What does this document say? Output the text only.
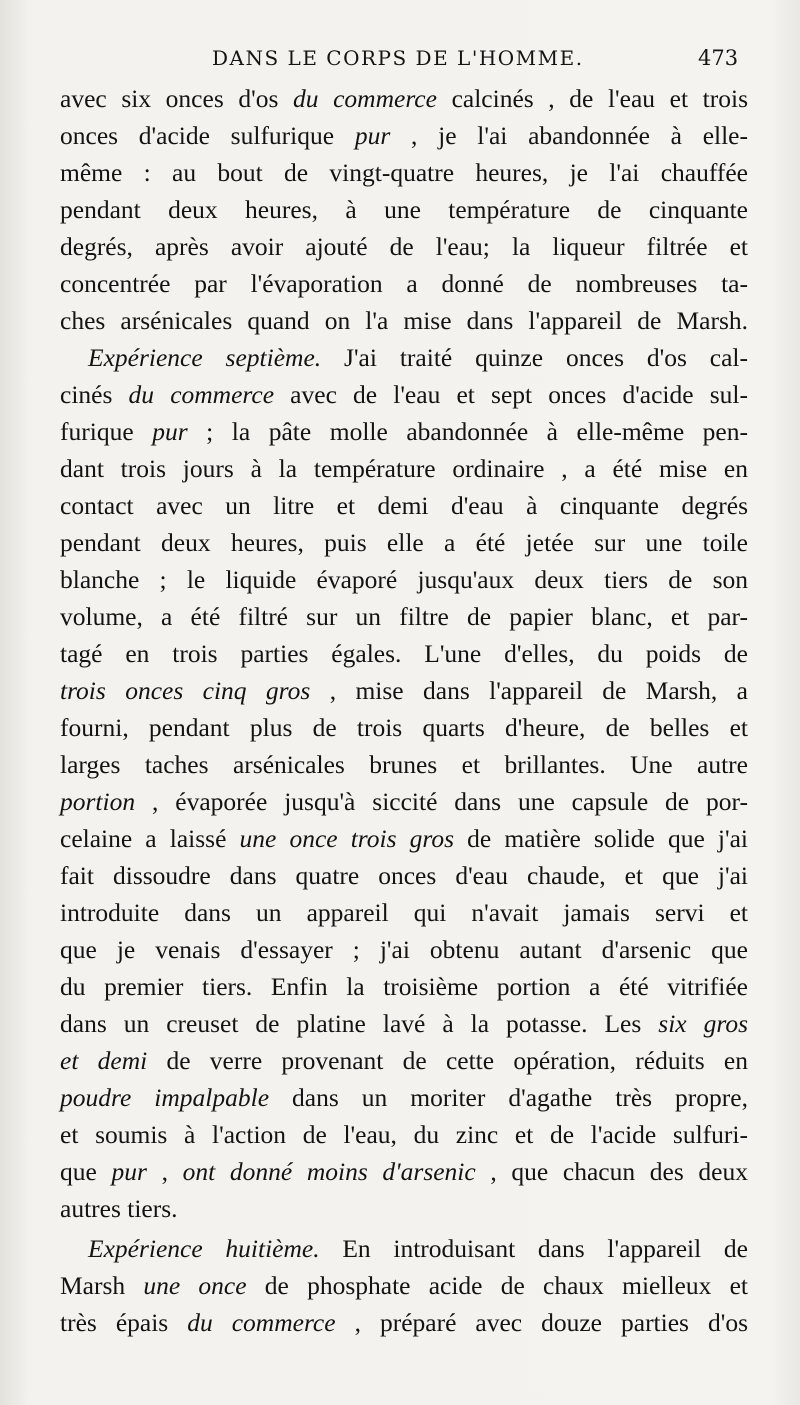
DANS LE CORPS DE L'HOMME.	473
avec six onces d'os du commerce calcinés , de l'eau et trois
onces d'acide sulfurique pur , je l'ai abandonnée à elle-
même : au bout de vingt-quatre heures, je l'ai chauffée
pendant deux heures, à une température de cinquante
degrés, après avoir ajouté de l'eau; la liqueur filtrée et
concentrée par l'évaporation a donné de nombreuses ta-
ches arsénicales quand on l'a mise dans l'appareil de Marsh.
Expérience septième. J'ai traité quinze onces d'os cal-
cinés du commerce avec de l'eau et sept onces d'acide sul-
furique pur ; la pâte molle abandonnée à elle-même pen-
dant trois jours à la température ordinaire , a été mise en
contact avec un litre et demi d'eau à cinquante degrés
pendant deux heures, puis elle a été jetée sur une toile
blanche ; le liquide évaporé jusqu'aux deux tiers de son
volume, a été filtré sur un filtre de papier blanc, et par-
tagé en trois parties égales. L'une d'elles, du poids de
trois onces cinq gros , mise dans l'appareil de Marsh, a
fourni, pendant plus de trois quarts d'heure, de belles et
larges taches arsénicales brunes et brillantes. Une autre
portion , évaporée jusqu'à siccité dans une capsule de por-
celaine a laissé une once trois gros de matière solide que j'ai
fait dissoudre dans quatre onces d'eau chaude, et que j'ai
introduite dans un appareil qui n'avait jamais servi et
que je venais d'essayer ; j'ai obtenu autant d'arsenic que
du premier tiers. Enfin la troisième portion a été vitrifiée
dans un creuset de platine lavé à la potasse. Les six gros
et demi de verre provenant de cette opération, réduits en
poudre impalpable dans un moriter d'agathe très propre,
et soumis à l'action de l'eau, du zinc et de l'acide sulfuri-
que pur , ont donné moins d'arsenic , que chacun des deux
autres tiers.
Expérience huitième. En introduisant dans l'appareil de
Marsh une once de phosphate acide de chaux mielleux et
très épais du commerce , préparé avec douze parties d'os
